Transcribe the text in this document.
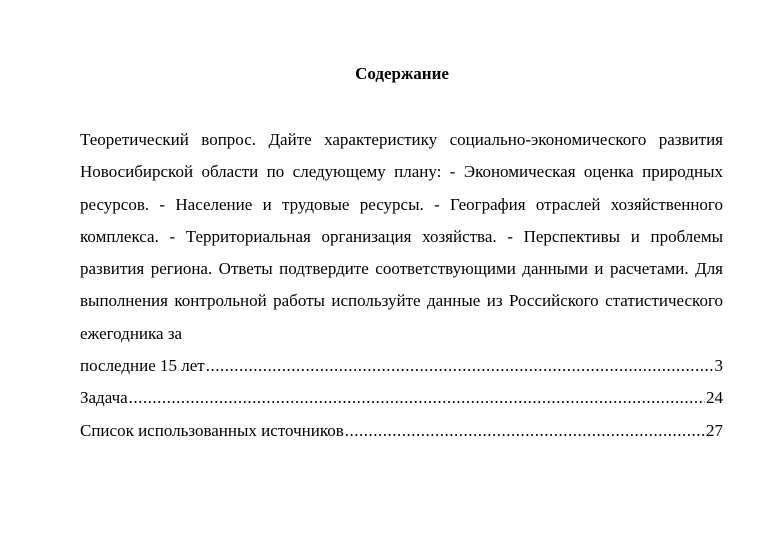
Содержание
Теоретический вопрос. Дайте характеристику социально-экономического развития Новосибирской области по следующему плану: - Экономическая оценка природных ресурсов. - Население и трудовые ресурсы. - География отраслей хозяйственного комплекса. - Территориальная организация хозяйства. - Перспективы и проблемы развития региона. Ответы подтвердите соответствующими данными и расчетами. Для выполнения контрольной работы используйте данные из Российского статистического ежегодника за
последние 15 лет .....	3
Задача .....	24
Список использованных источников .....	27
